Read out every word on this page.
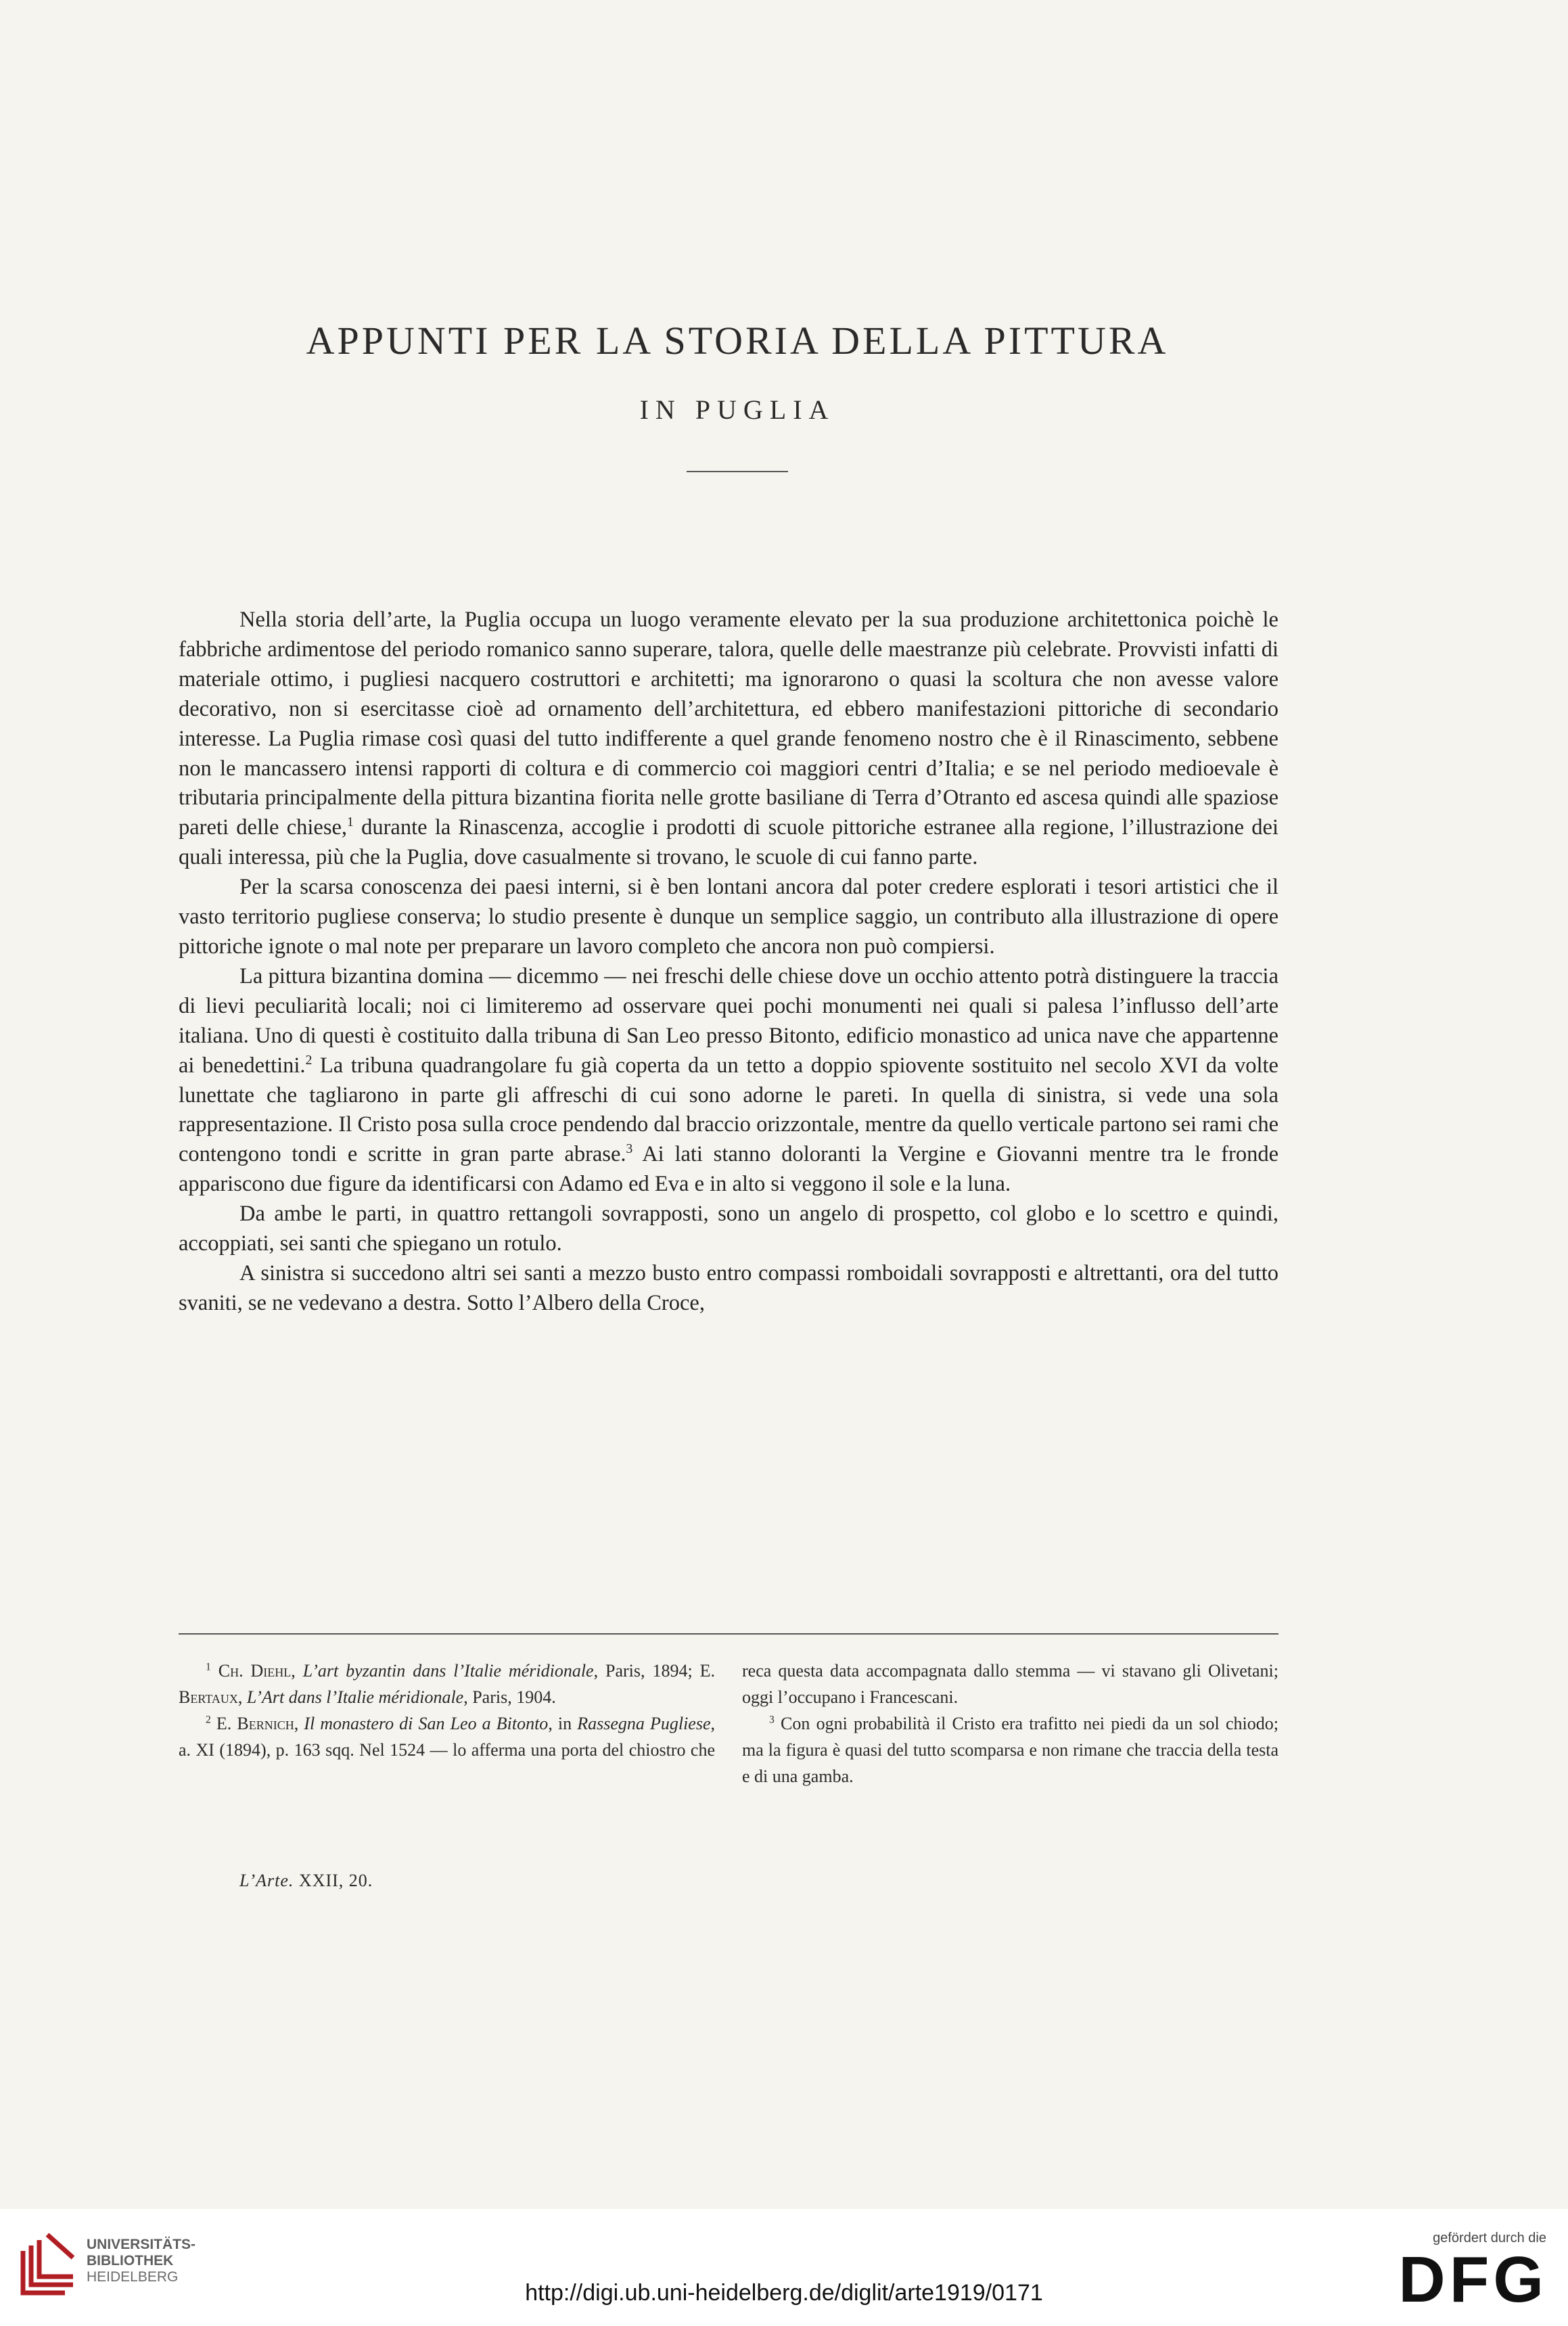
APPUNTI PER LA STORIA DELLA PITTURA
IN PUGLIA

Nella storia dell’arte, la Puglia occupa un luogo veramente elevato per la sua produzione architettonica poichè le fabbriche ardimentose del periodo romanico sanno superare, talora, quelle delle maestranze più celebrate. Provvisti infatti di materiale ottimo, i pugliesi nacquero costruttori e architetti; ma ignorarono o quasi la scoltura che non avesse valore decorativo, non si esercitasse cioè ad ornamento dell’architettura, ed ebbero manifestazioni pittoriche di secondario interesse. La Puglia rimase così quasi del tutto indifferente a quel grande fenomeno nostro che è il Rinascimento, sebbene non le mancassero intensi rapporti di coltura e di commercio coi maggiori centri d’Italia; e se nel periodo medioevale è tributaria principalmente della pittura bizantina fiorita nelle grotte basiliane di Terra d’Otranto ed ascesa quindi alle spaziose pareti delle chiese,$^1$ durante la Rinascenza, accoglie i prodotti di scuole pittoriche estranee alla regione, l’illustrazione dei quali interessa, più che la Puglia, dove casualmente si trovano, le scuole di cui fanno parte.

Per la scarsa conoscenza dei paesi interni, si è ben lontani ancora dal poter credere esplorati i tesori artistici che il vasto territorio pugliese conserva; lo studio presente è dunque un semplice saggio, un contributo alla illustrazione di opere pittoriche ignote o mal note per preparare un lavoro completo che ancora non può compiersi.

La pittura bizantina domina — dicemmo — nei freschi delle chiese dove un occhio attento potrà distinguere la traccia di lievi peculiarità locali; noi ci limiteremo ad osservare quei pochi monumenti nei quali si palesa l’influsso dell’arte italiana. Uno di questi è costituito dalla tribuna di San Leo presso Bitonto, edificio monastico ad unica nave che appartenne ai benedettini.$^2$ La tribuna quadrangolare fu già coperta da un tetto a doppio spiovente sostituito nel secolo XVI da volte lunettate che tagliarono in parte gli affreschi di cui sono adorne le pareti. In quella di sinistra, si vede una sola rappresentazione. Il Cristo posa sulla croce pendendo dal braccio orizzontale, mentre da quello verticale partono sei rami che contengono tondi e scritte in gran parte abrase.$^3$ Ai lati stanno doloranti la Vergine e Giovanni mentre tra le fronde appariscono due figure da identificarsi con Adamo ed Eva e in alto si veggono il sole e la luna.

Da ambe le parti, in quattro rettangoli sovrapposti, sono un angelo di prospetto, col globo e lo scettro e quindi, accoppiati, sei santi che spiegano un rotulo.

A sinistra si succedono altri sei santi a mezzo busto entro compassi romboidali sovrapposti e altrettanti, ora del tutto svaniti, se ne vedevano a destra. Sotto l’Albero della Croce,

$^1$ Ch. Diehl, L’art byzantin dans l’Italie méridionale, Paris, 1894; E. Bertaux, L’Art dans l’Italie méridionale, Paris, 1904.

$^2$ E. Bernich, Il monastero di San Leo a Bitonto, in Rassegna Pugliese, a. XI (1894), p. 163 sqq. Nel 1524 — lo afferma una porta del chiostro che reca questa data accompagnata dallo stemma — vi stavano gli Olivetani; oggi l’occupano i Francescani.

$^3$ Con ogni probabilità il Cristo era trafitto nei piedi da un sol chiodo; ma la figura è quasi del tutto scomparsa e non rimane che traccia della testa e di una gamba.

L’Arte. XXII, 20.
UNIVERSITÄTS-
BIBLIOTHEK
HEIDELBERG
http://digi.ub.uni-heidelberg.de/diglit/arte1919/0171
gefördert durch die
DFG
